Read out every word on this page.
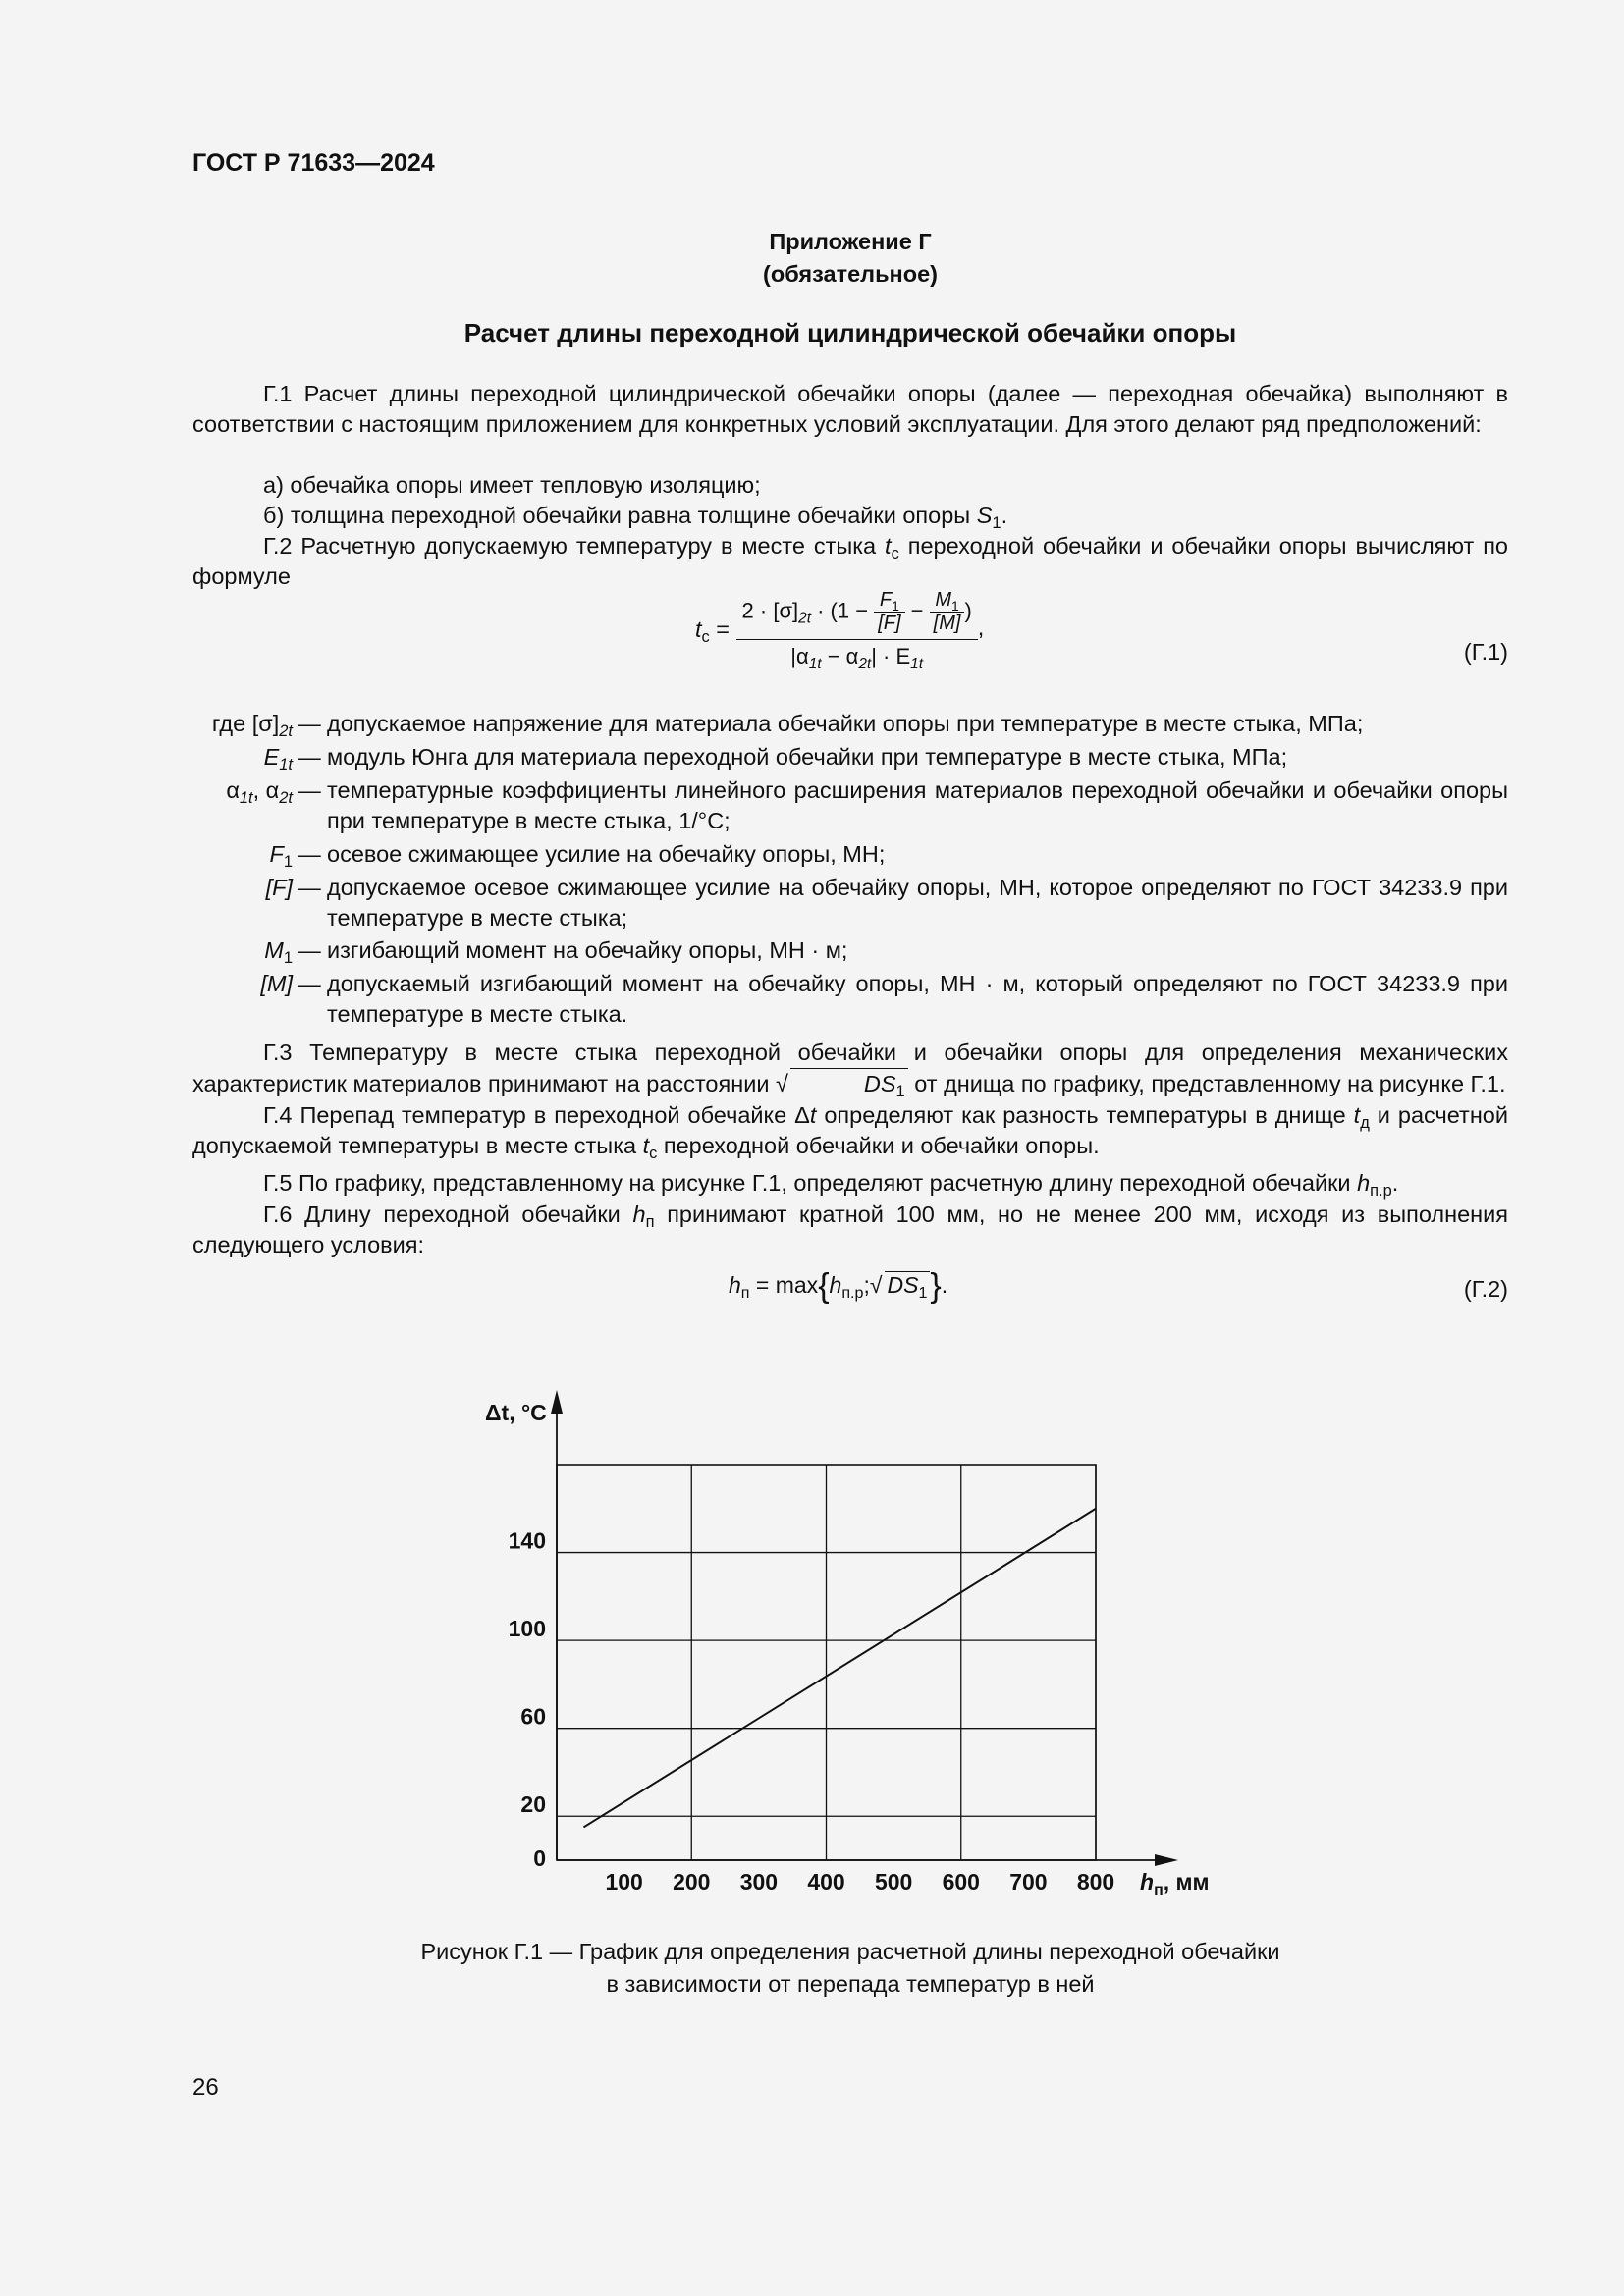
ГОСТ Р 71633—2024
Приложение Г
(обязательное)
Расчет длины переходной цилиндрической обечайки опоры
Г.1 Расчет длины переходной цилиндрической обечайки опоры (далее — переходная обечайка) выполняют в соответствии с настоящим приложением для конкретных условий эксплуатации. Для этого делают ряд предположений:
а) обечайка опоры имеет тепловую изоляцию;
б) толщина переходной обечайки равна толщине обечайки опоры $S_1$.
Г.2 Расчетную допускаемую температуру в месте стыка $t_c$ переходной обечайки и обечайки опоры вычисляют по формуле
$t_c = \frac{2 \cdot [\sigma]_{2t} \cdot (1 - \frac{F_1}{[F]} - \frac{M_1}{[M]} )}{|\alpha_{1t} - \alpha_{2t}| \cdot E_{1t}}$ ,
(Г.1)
где $[\sigma]_{2t}$ — допускаемое напряжение для материала обечайки опоры при температуре в месте стыка, МПа;
$E_{1t}$ — модуль Юнга для материала переходной обечайки при температуре в месте стыка, МПа;
$\alpha_{1t}$, $\alpha_{2t}$ — температурные коэффициенты линейного расширения материалов переходной обечайки и обечайки опоры при температуре в месте стыка, 1/°С;
$F_1$ — осевое сжимающее усилие на обечайку опоры, МН;
[F] — допускаемое осевое сжимающее усилие на обечайку опоры, МН, которое определяют по ГОСТ 34233.9 при температуре в месте стыка;
$M_1$ — изгибающий момент на обечайку опоры, МН · м;
[M] — допускаемый изгибающий момент на обечайку опоры, МН · м, который определяют по ГОСТ 34233.9 при температуре в месте стыка.
Г.3 Температуру в месте стыка переходной обечайки и обечайки опоры для определения механических характеристик материалов принимают на расстоянии √	$DS_1$ от днища по графику, представленному на рисунке Г.1.
Г.4 Перепад температур в переходной обечайке Δt определяют как разность температуры в днище $t_д$ и расчетной допускаемой температуры в месте стыка $t_c$ переходной обечайки и обечайки опоры.
Г.5 По графику, представленному на рисунке Г.1, определяют расчетную длину переходной обечайки $h_{п.р}$.
Г.6 Длину переходной обечайки $h_п$ принимают кратной 100 мм, но не менее 200 мм, исходя из выполнения следующего условия:
$h_п$ = $\max\{h_{п.р};√$ $DS_1$}.	(Г.2)
0
20
60
100
140
100 200 300 400 500 600 700 800
Δt, °С
$h_п$, мм
Рисунок Г.1 — График для определения расчетной длины переходной обечайки
в зависимости от перепада температур в ней
26
